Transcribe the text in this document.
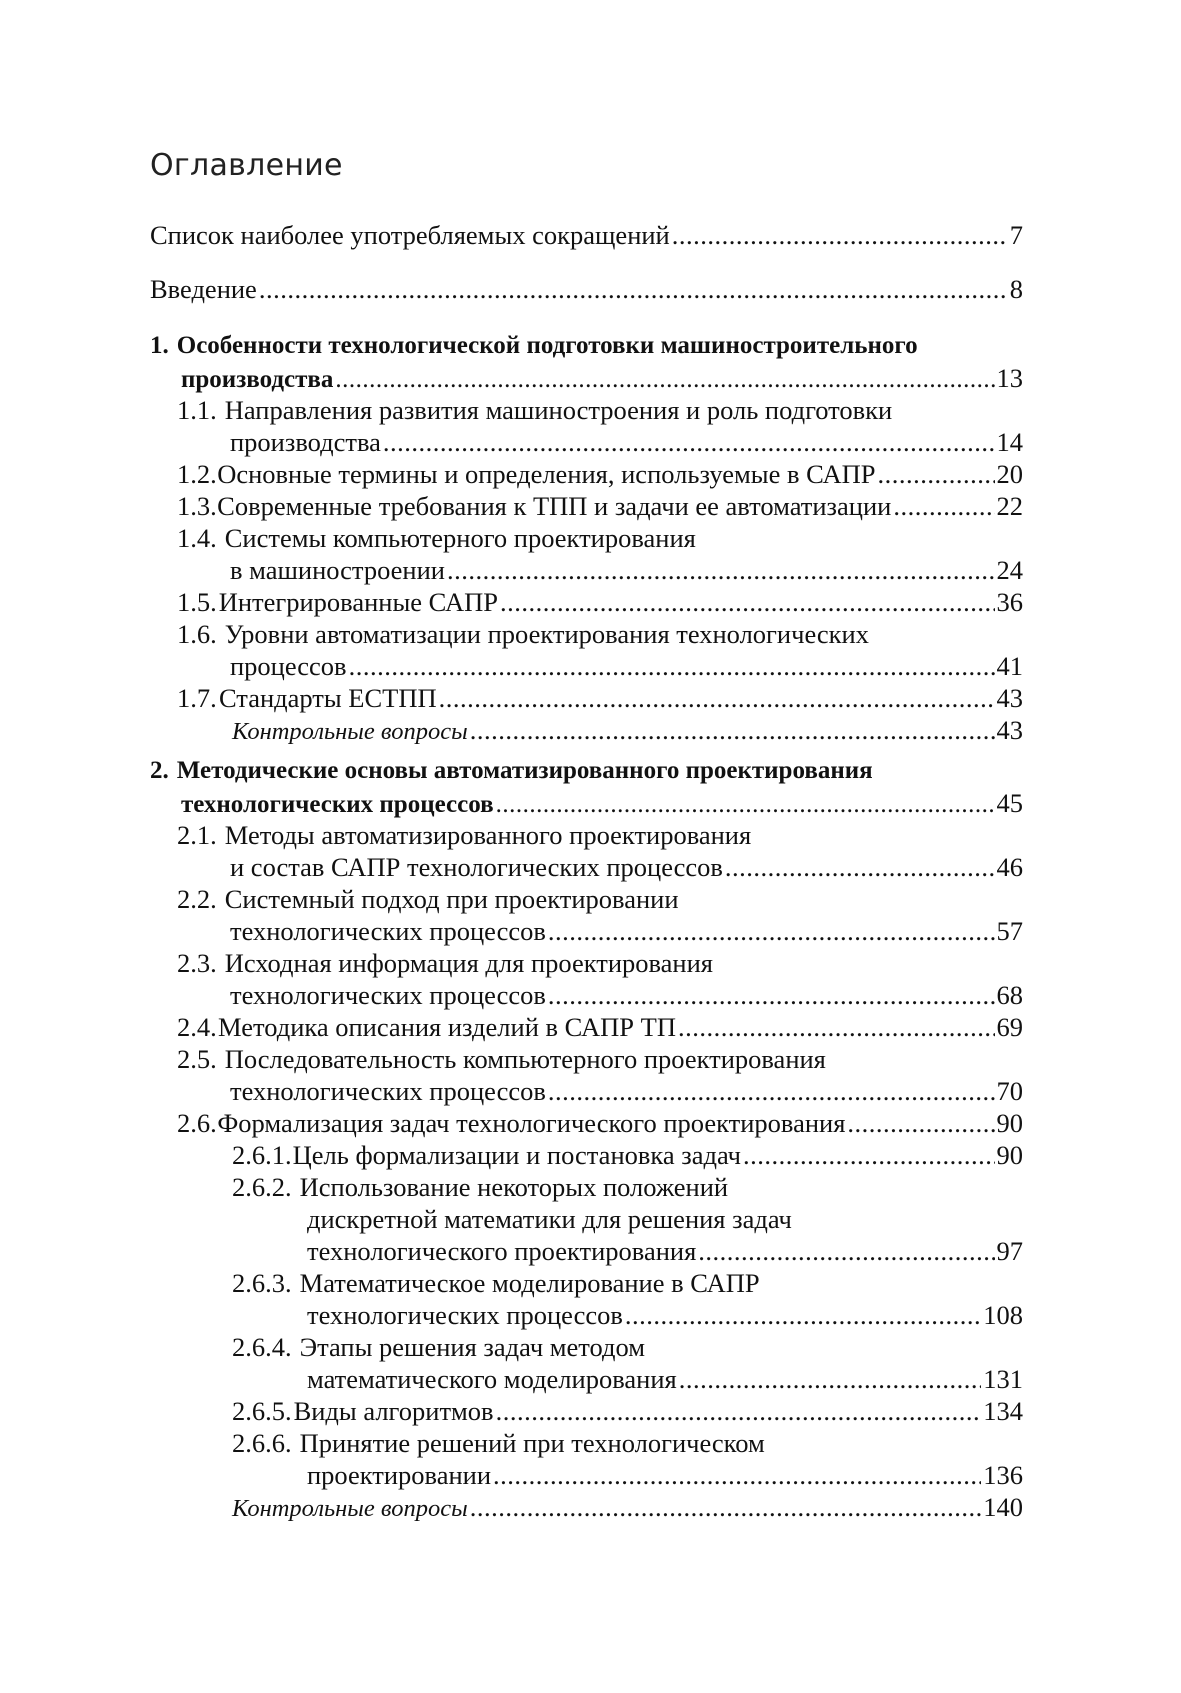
Оглавление
Список наиболее употребляемых сокращений .....	7
Введение .....	8
1. Особенности технологической подготовки машиностроительного
производства .....	13
1.1. Направления развития машиностроения и роль подготовки
производства .....	14
1.2. Основные термины и определения, используемые в САПР .....	20
1.3. Современные требования к ТПП и задачи ее автоматизации .....	22
1.4. Системы компьютерного проектирования
в машиностроении .....	24
1.5. Интегрированные САПР .....	36
1.6. Уровни автоматизации проектирования технологических
процессов .....	41
1.7. Стандарты ЕСТПП .....	43
Контрольные вопросы .....	43
2. Методические основы автоматизированного проектирования
технологических процессов .....	45
2.1. Методы автоматизированного проектирования
и состав САПР технологических процессов .....	46
2.2. Системный подход при проектировании
технологических процессов .....	57
2.3. Исходная информация для проектирования
технологических процессов .....	68
2.4. Методика описания изделий в САПР ТП .....	69
2.5. Последовательность компьютерного проектирования
технологических процессов .....	70
2.6. Формализация задач технологического проектирования .....	90
2.6.1. Цель формализации и постановка задач .....	90
2.6.2. Использование некоторых положений
дискретной математики для решения задач
технологического проектирования .....	97
2.6.3. Математическое моделирование в САПР
технологических процессов .....	108
2.6.4. Этапы решения задач методом
математического моделирования .....	131
2.6.5. Виды алгоритмов .....	134
2.6.6. Принятие решений при технологическом
проектировании .....	136
Контрольные вопросы .....	140
